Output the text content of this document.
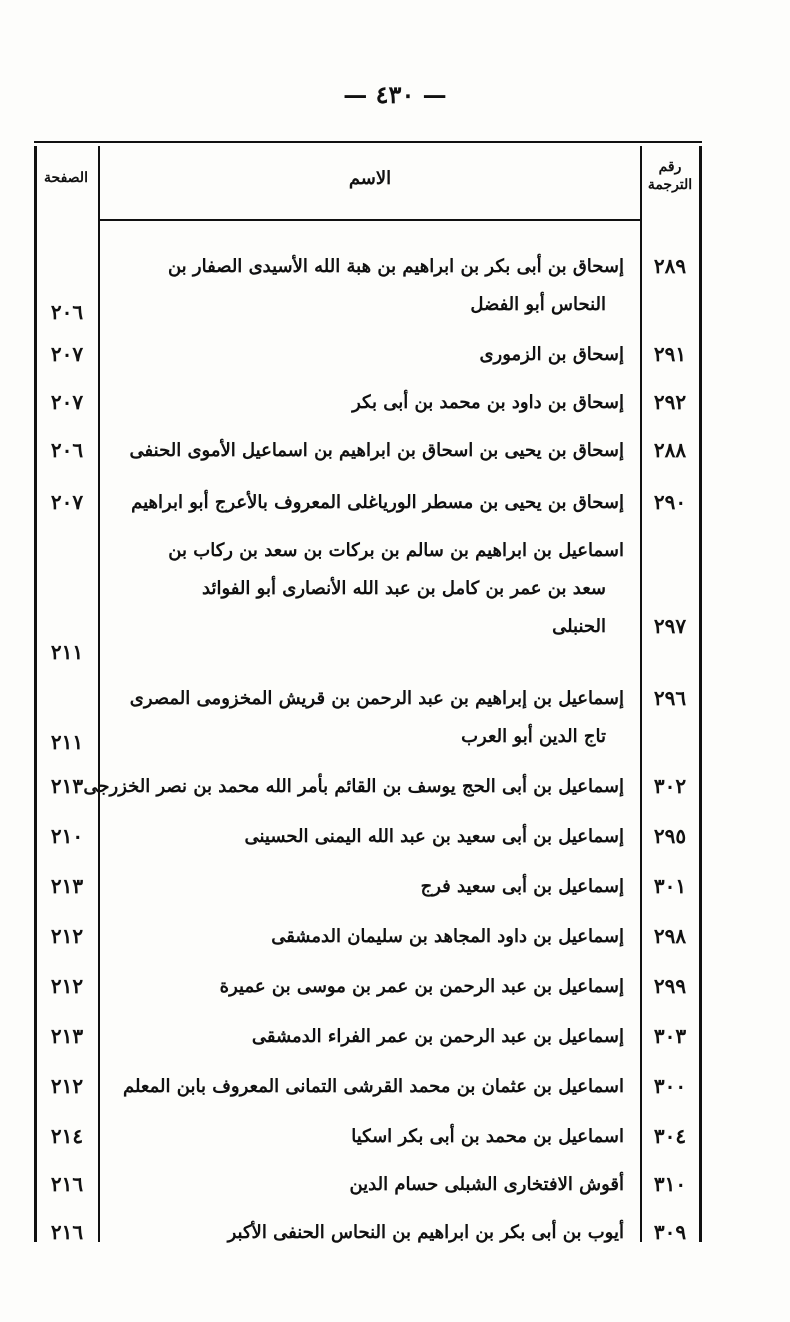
— ٤٣٠ —
الصفحة	الاسم
رقم
الترجمة
٢٨٩
إسحاق بن أبى بكر بن ابراهيم بن هبة الله الأسيدى الصفار بن
النحاس أبو الفضل
٢٠٦
٢٩١
إسحاق بن الزموری
٢٠٧
٢٩٢
إسحاق بن داود بن محمد بن أبى بكر
٢٠٧
٢٨٨
إسحاق بن يحيى بن اسحاق بن ابراهيم بن اسماعيل الأموى الحنفى
٢٠٦
٢٩٠
إسحاق بن يحيى بن مسطر الورياغلى المعروف بالأعرج أبو ابراهيم
٢٠٧
٢٩٧
اسماعيل بن ابراهيم بن سالم بن بركات بن سعد بن ركاب بن
سعد بن عمر بن كامل بن عبد الله الأنصارى أبو الفوائد
الحنبلى
٢١١
٢٩٦
إسماعيل بن إبراهيم بن عبد الرحمن بن قريش المخزومى المصرى
تاج الدين أبو العرب
٢١١
٣٠٢
إسماعيل بن أبى الحج يوسف بن القائم بأمر الله محمد بن نصر الخزرجى
٢١٣
٢٩٥
إسماعيل بن أبى سعيد بن عبد الله اليمنى الحسينى
٢١٠
٣٠١
إسماعيل بن أبى سعيد فرج
٢١٣
٢٩٨
إسماعيل بن داود المجاهد بن سليمان الدمشقى
٢١٢
٢٩٩
إسماعيل بن عبد الرحمن بن عمر بن موسى بن عميرة
٢١٢
٣٠٣
إسماعيل بن عبد الرحمن بن عمر الفراء الدمشقى
٢١٣
٣٠٠
اسماعيل بن عثمان بن محمد القرشى التمانى المعروف بابن المعلم
٢١٢
٣٠٤
اسماعيل بن محمد بن أبى بكر اسكيا
٢١٤
٣١٠
أقوش الافتخارى الشبلى حسام الدين
٢١٦
٣٠٩
أيوب بن أبى بكر بن ابراهيم بن النحاس الحنفى الأكبر
٢١٦
